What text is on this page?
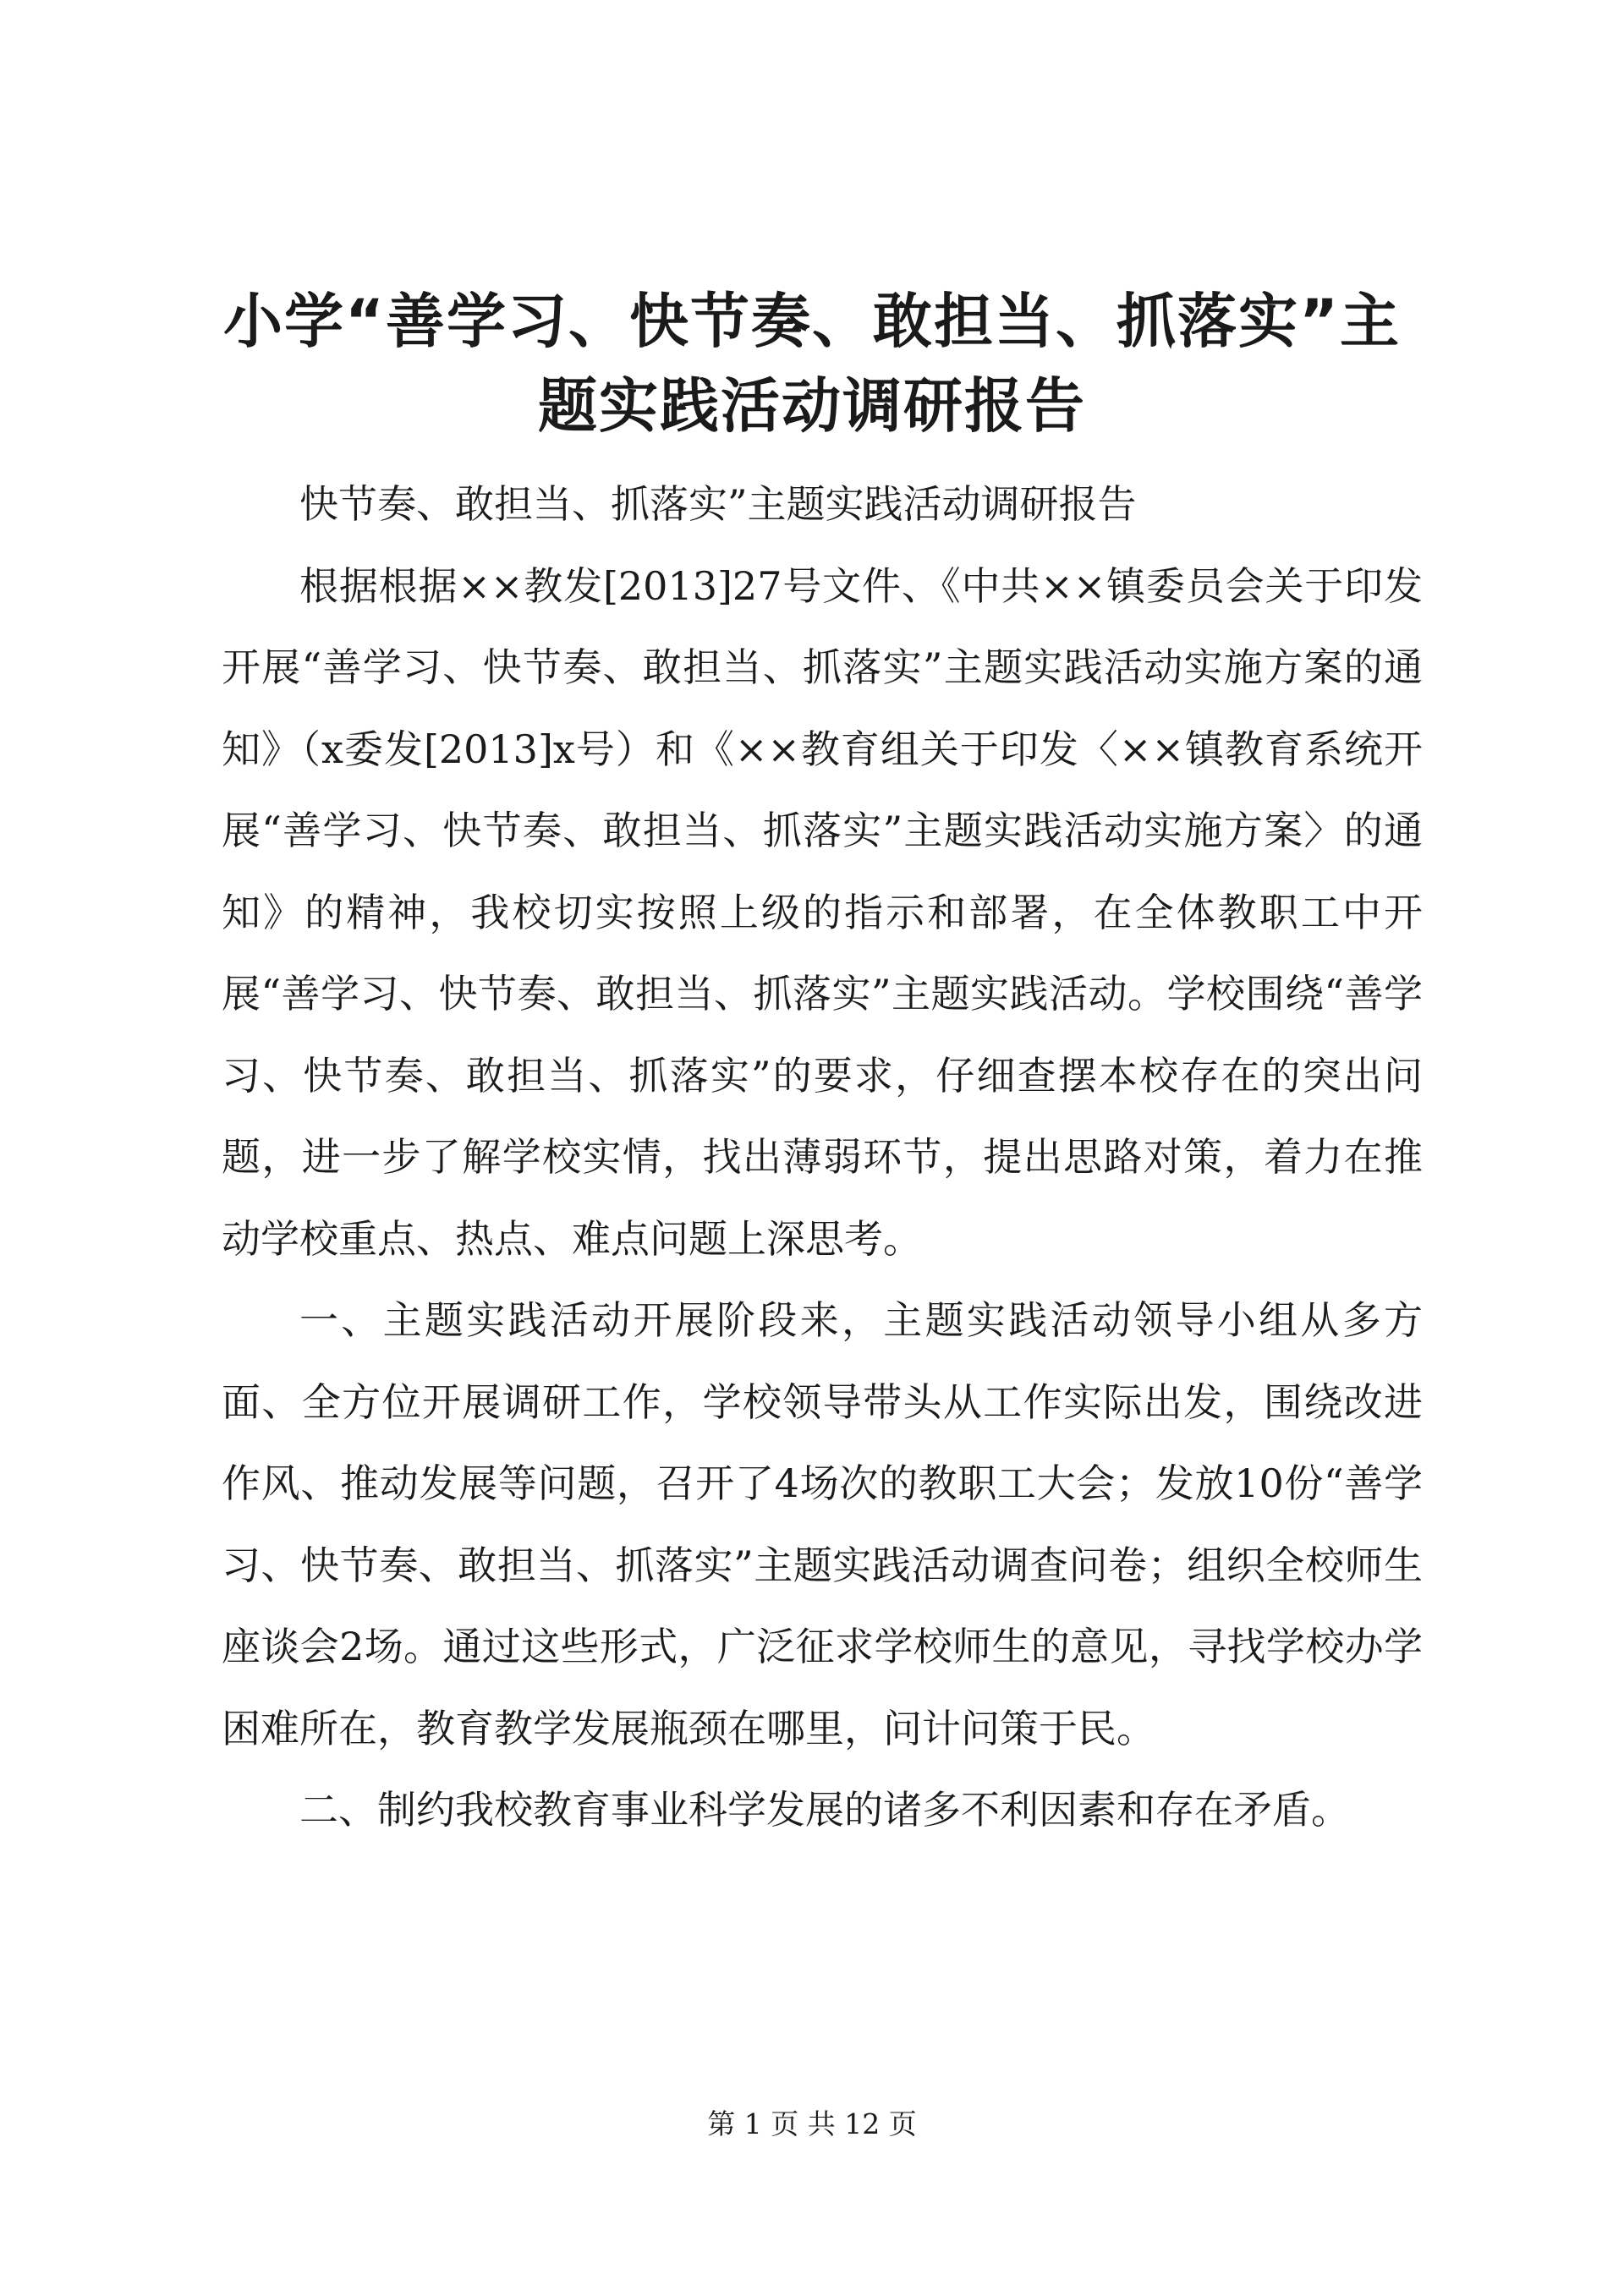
小学“善学习、快节奏、敢担当、抓落实”主题实践活动调研报告

快节奏、敢担当、抓落实”主题实践活动调研报告

根据根据××教发[2013]27号文件、《中共××镇委员会关于印发开展“善学习、快节奏、敢担当、抓落实”主题实践活动实施方案的通知》（x委发[2013]x号）和《××教育组关于印发〈××镇教育系统开展“善学习、快节奏、敢担当、抓落实”主题实践活动实施方案〉的通知》的精神，我校切实按照上级的指示和部署，在全体教职工中开展“善学习、快节奏、敢担当、抓落实”主题实践活动。学校围绕“善学习、快节奏、敢担当、抓落实”的要求，仔细查摆本校存在的突出问题，进一步了解学校实情，找出薄弱环节，提出思路对策，着力在推动学校重点、热点、难点问题上深思考。

一、主题实践活动开展阶段来，主题实践活动领导小组从多方面、全方位开展调研工作，学校领导带头从工作实际出发，围绕改进作风、推动发展等问题，召开了4场次的教职工大会；发放10份“善学习、快节奏、敢担当、抓落实”主题实践活动调查问卷；组织全校师生座谈会2场。通过这些形式，广泛征求学校师生的意见，寻找学校办学困难所在，教育教学发展瓶颈在哪里，问计问策于民。

二、制约我校教育事业科学发展的诸多不利因素和存在矛盾。

第 1 页 共 12 页
